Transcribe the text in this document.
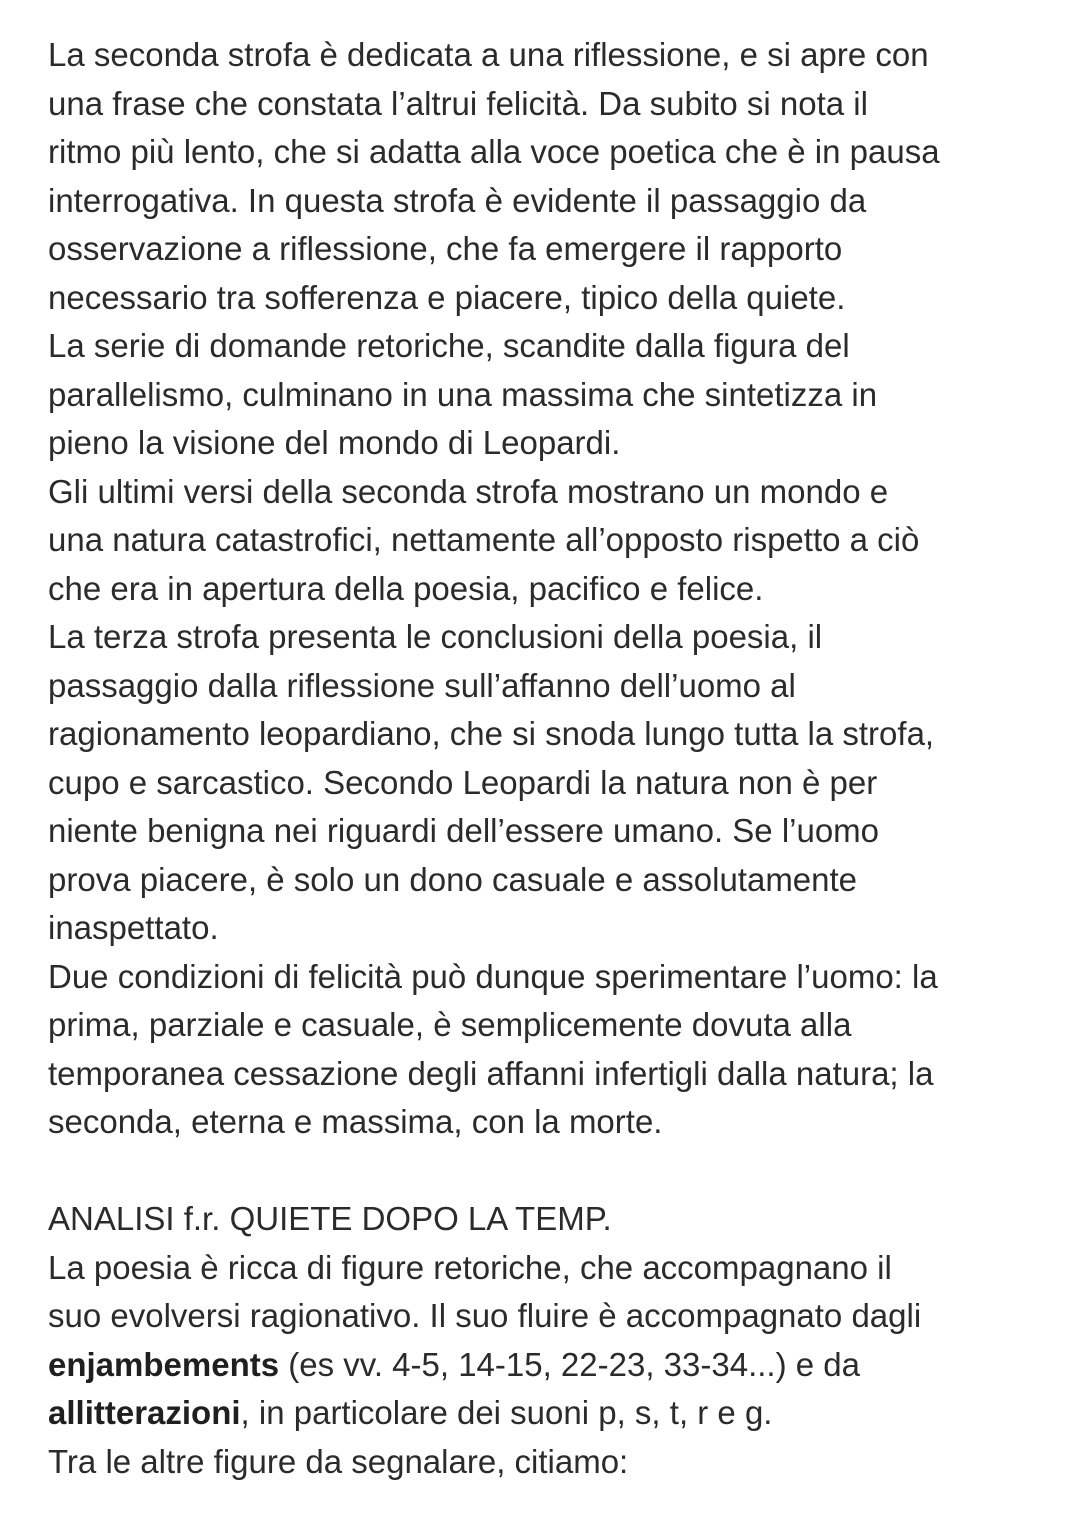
La seconda strofa è dedicata a una riflessione, e si apre con
una frase che constata l’altrui felicità. Da subito si nota il
ritmo più lento, che si adatta alla voce poetica che è in pausa
interrogativa. In questa strofa è evidente il passaggio da
osservazione a riflessione, che fa emergere il rapporto
necessario tra sofferenza e piacere, tipico della quiete.
La serie di domande retoriche, scandite dalla figura del
parallelismo, culminano in una massima che sintetizza in
pieno la visione del mondo di Leopardi.
Gli ultimi versi della seconda strofa mostrano un mondo e
una natura catastrofici, nettamente all’opposto rispetto a ciò
che era in apertura della poesia, pacifico e felice.
La terza strofa presenta le conclusioni della poesia, il
passaggio dalla riflessione sull’affanno dell’uomo al
ragionamento leopardiano, che si snoda lungo tutta la strofa,
cupo e sarcastico. Secondo Leopardi la natura non è per
niente benigna nei riguardi dell’essere umano. Se l’uomo
prova piacere, è solo un dono casuale e assolutamente
inaspettato.
Due condizioni di felicità può dunque sperimentare l’uomo: la
prima, parziale e casuale, è semplicemente dovuta alla
temporanea cessazione degli affanni infertigli dalla natura; la
seconda, eterna e massima, con la morte.
ANALISI f.r. QUIETE DOPO LA TEMP.
La poesia è ricca di figure retoriche, che accompagnano il
suo evolversi ragionativo. Il suo fluire è accompagnato dagli
enjambements (es vv. 4-5, 14-15, 22-23, 33-34...) e da
allitterazioni, in particolare dei suoni p, s, t, r e g.
Tra le altre figure da segnalare, citiamo:
